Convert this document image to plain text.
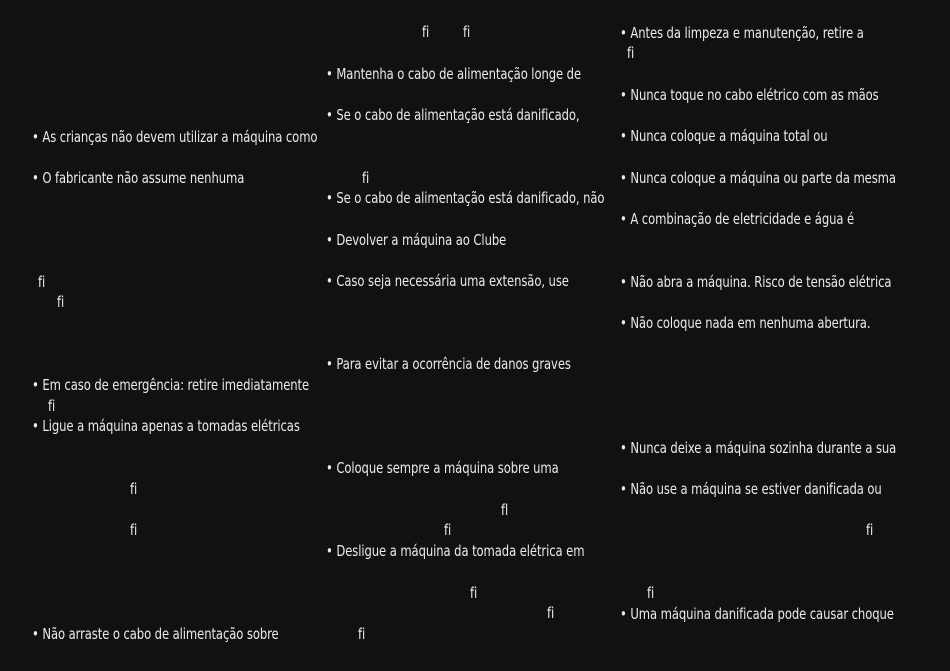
• As crianças não devem utilizar a máquina como
• O fabricante não assume nenhuma
fi
fi
• Em caso de emergência: retire imediatamente
fi
• Ligue a máquina apenas a tomadas elétricas
fi
fi
• Não arraste o cabo de alimentação sobre
fi fi
• Mantenha o cabo de alimentação longe de
• Se o cabo de alimentação está danificado,
fi
• Se o cabo de alimentação está danificado, não
• Devolver a máquina ao Clube
• Caso seja necessária uma extensão, use
• Para evitar a ocorrência de danos graves
• Coloque sempre a máquina sobre uma
fl
fi
• Desligue a máquina da tomada elétrica em
fi
fi
fi
• Antes da limpeza e manutenção, retire a
fi
• Nunca toque no cabo elétrico com as mãos
• Nunca coloque a máquina total ou
• Nunca coloque a máquina ou parte da mesma
• A combinação de eletricidade e água é
• Não abra a máquina. Risco de tensão elétrica
• Não coloque nada em nenhuma abertura.
• Nunca deixe a máquina sozinha durante a sua
• Não use a máquina se estiver danificada ou
fi
fi
• Uma máquina danificada pode causar choque
